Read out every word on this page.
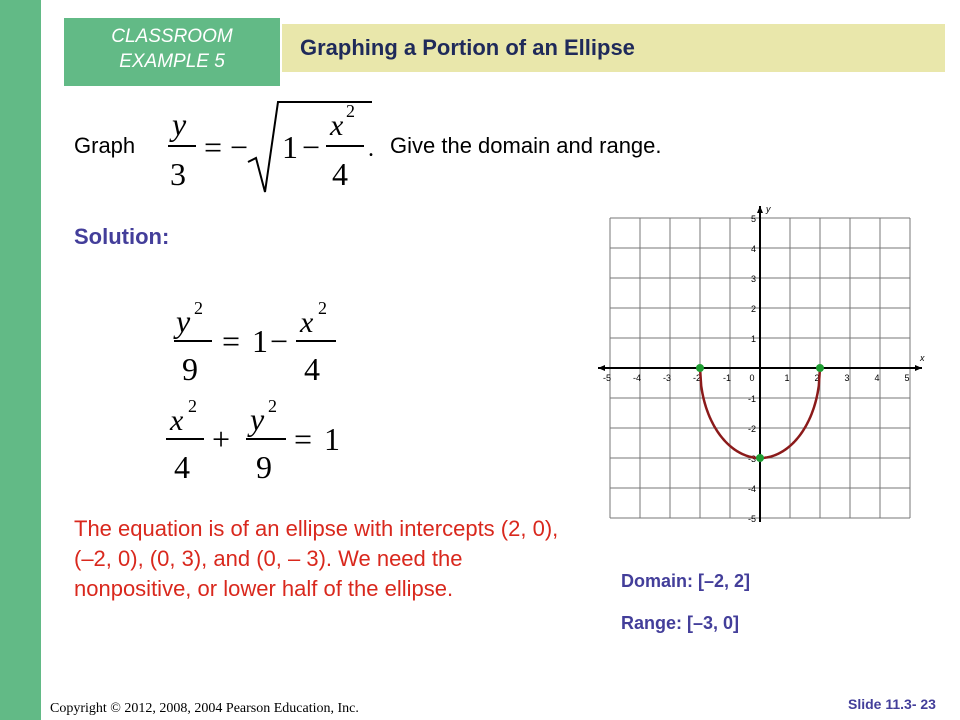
Graphing a Portion of an Ellipse
CLASSROOM
EXAMPLE 5
Graph
y
3
= − 1 −
x 2
4
. Give the domain and range.
Solution:
y 2
9
= 1 −
x 2
4
x 2
4
+
y 2
9
= 1
The equation is of an ellipse with intercepts (2, 0), (–2, 0), (0, 3), and (0, – 3). We need the nonpositive, or lower half of the ellipse.
x
y
-5 -4 -3 -2 -1 0	1	2	3	4	5
5
4
3
2
1
-1
-2
-3
-4
-5
Domain: [–2, 2]
Range: [–3, 0]
Copyright © 2012, 2008, 2004 Pearson Education, Inc.	Slide 11.3- 23
